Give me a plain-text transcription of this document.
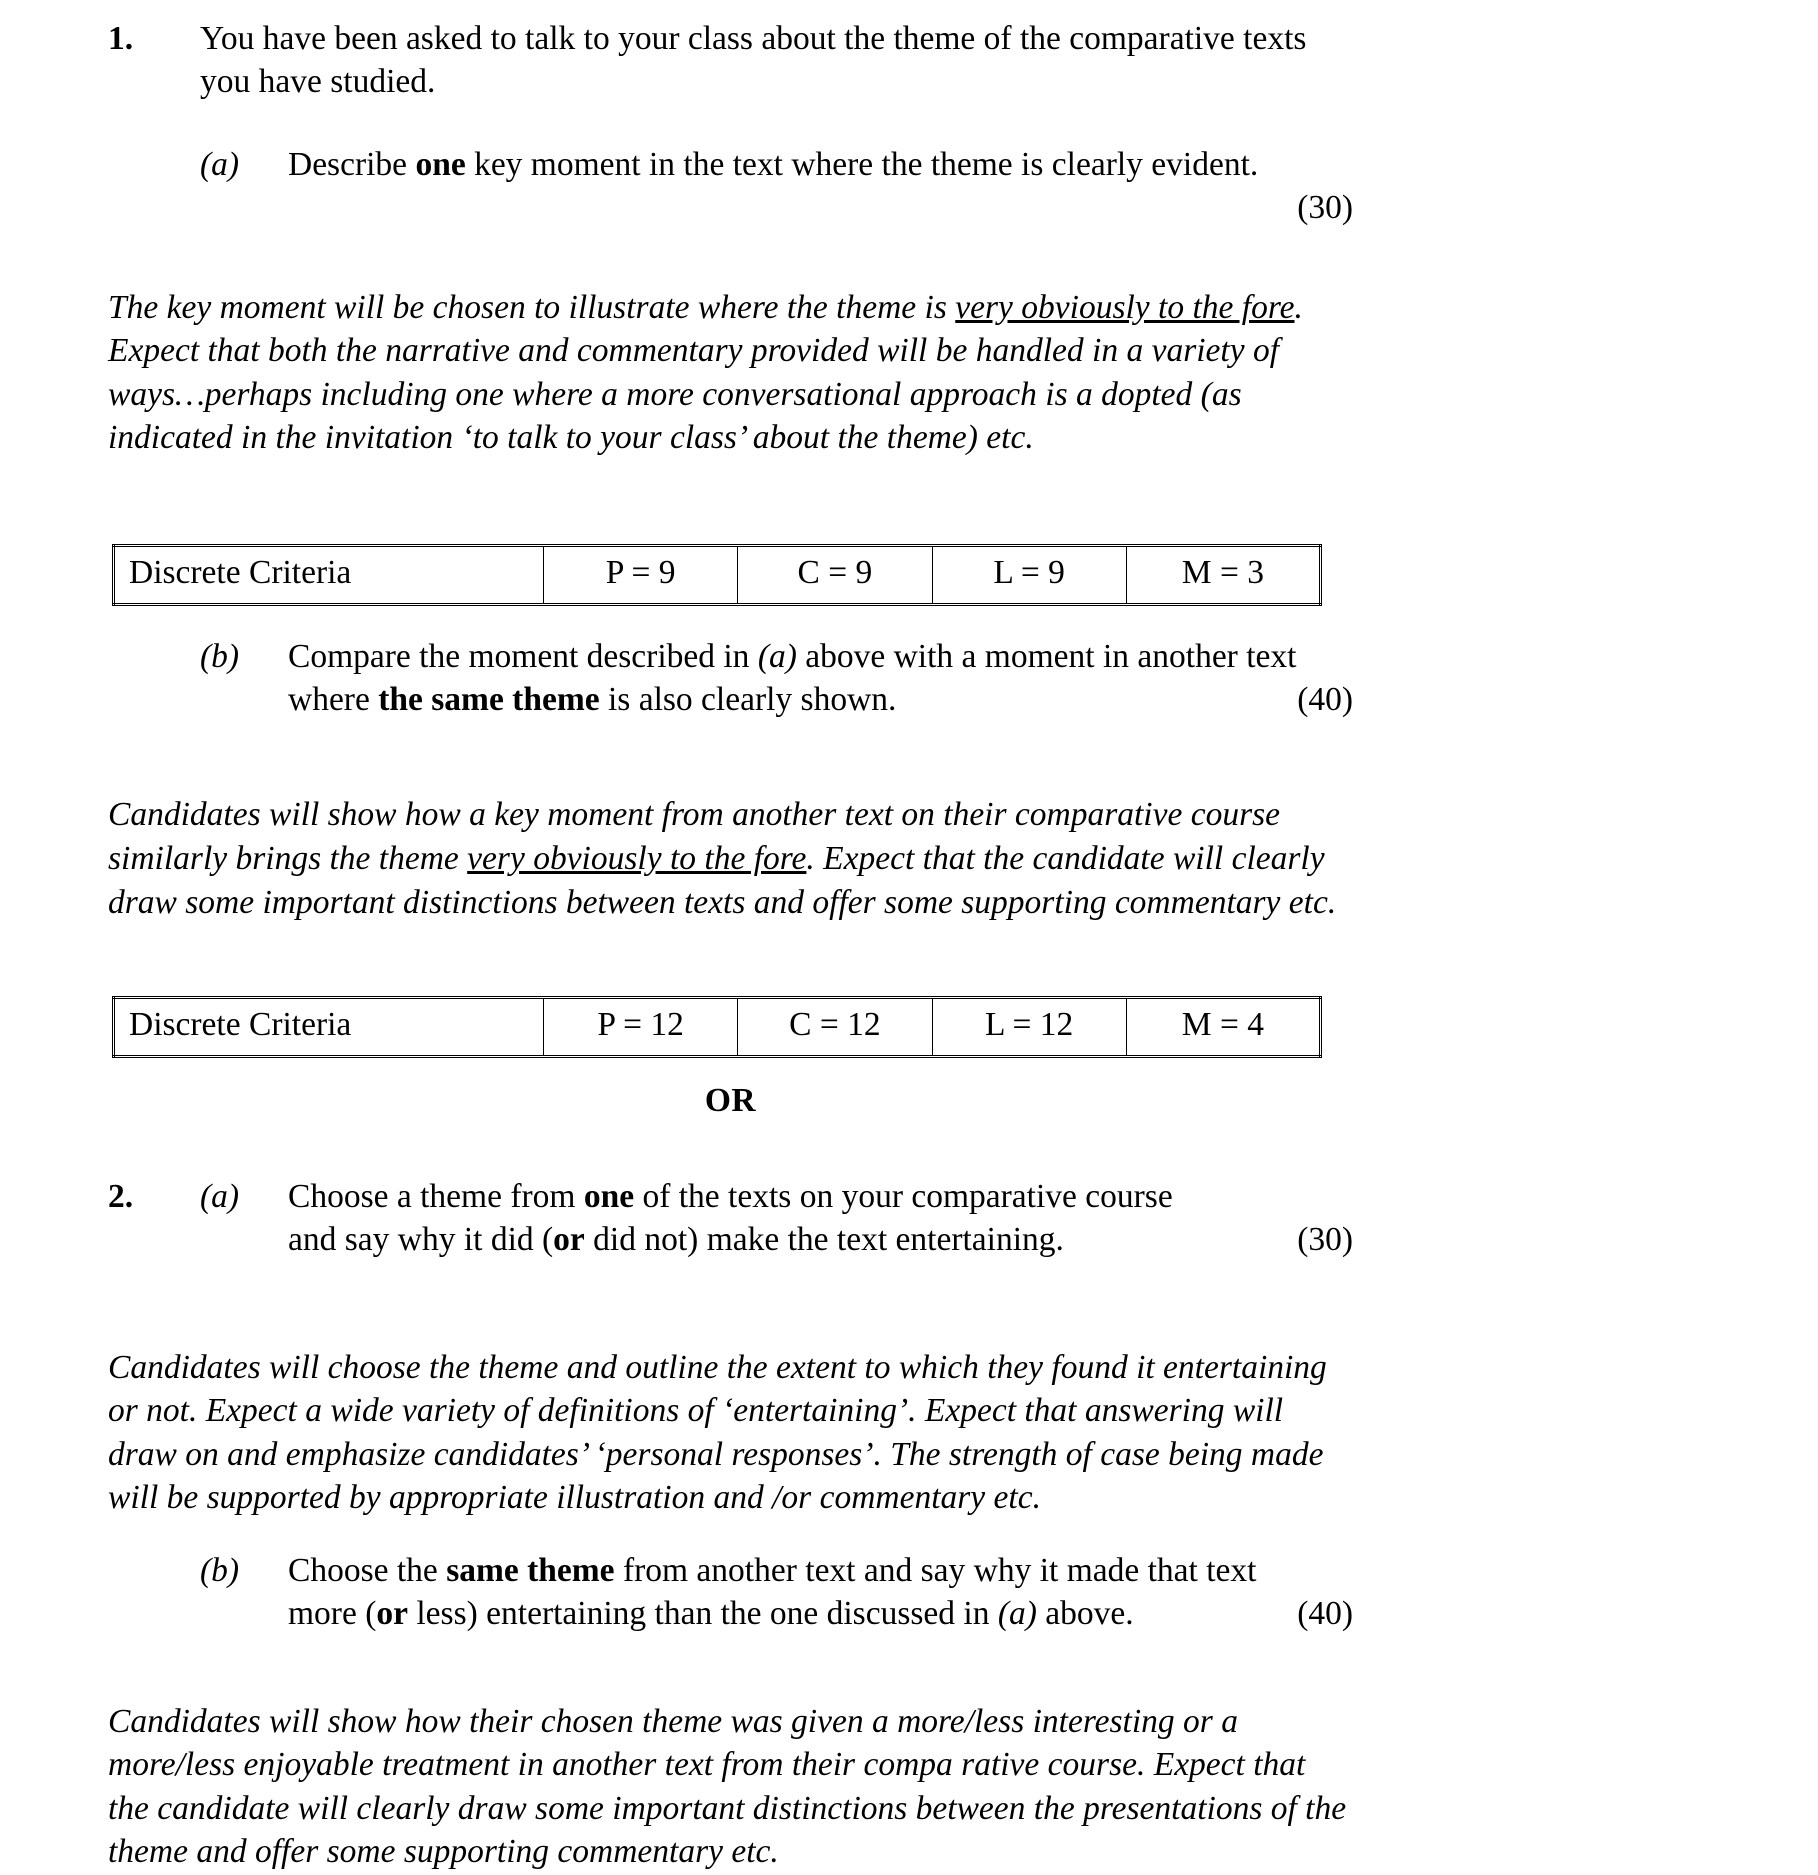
1.	You have been asked to talk to your class about the theme of the comparative texts you have studied.
(a)	Describe one key moment in the text where the theme is clearly evident.
(30)

The key moment will be chosen to illustrate where the theme is very obviously to the fore. Expect that both the narrative and commentary provided will be handled in a variety of ways…perhaps including one where a more conversational approach is a dopted (as indicated in the invitation ‘to talk to your class’ about the theme) etc.

Discrete Criteria	P = 9	C = 9	L = 9	M = 3
(b)	Compare the moment described in (a) above with a moment in another text

(40)
where the same theme is also clearly shown.

Candidates will show how a key moment from another text on their comparative course similarly brings the theme very obviously to the fore. Expect that the candidate will clearly draw some important distinctions between texts and offer some supporting commentary etc.

Discrete Criteria	P = 12	C = 12	L = 12	M = 4
OR
2.	(a)	Choose a theme from one of the texts on your comparative course

(30)
and say why it did (or did not) make the text entertaining.

Candidates will choose the theme and outline the extent to which they found it entertaining or not. Expect a wide variety of definitions of ‘entertaining’. Expect that answering will draw on and emphasize candidates’ ‘personal responses’. The strength of case being made will be supported by appropriate illustration and /or commentary etc.

(b)	Choose the same theme from another text and say why it made that text

(40)
more (or less) entertaining than the one discussed in (a) above.

Candidates will show how their chosen theme was given a more/less interesting or a more/less enjoyable treatment in another text from their compa rative course. Expect that the candidate will clearly draw some important distinctions between the presentations of the theme and offer some supporting commentary etc.
